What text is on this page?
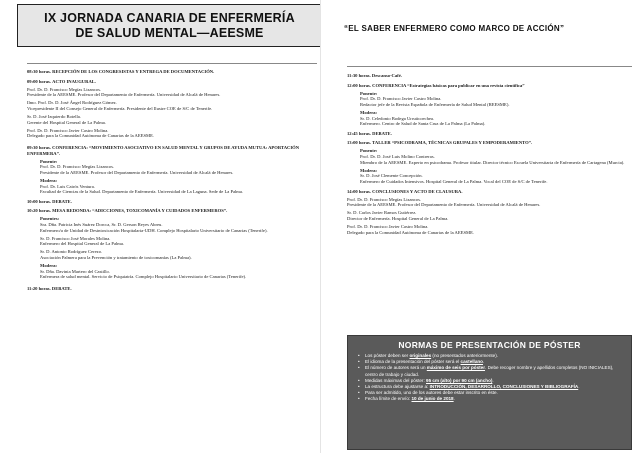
IX JORNADA CANARIA DE ENFERMERÍA
DE SALUD MENTAL—AEESME

08:30 horas. RECEPCIÓN DE LOS CONGRESISTAS Y ENTREGA DE DOCUMENTACIÓN.

09:00 horas. ACTO INAUGURAL.

Prof. Dr. D. Francisco Megías Lizancos.

Presidente de la AEESME. Profesor del Departamento de Enfermería. Universidad de Alcalá de Henares.

Ilmo. Prof. Dr. D. José Ángel Rodríguez Gómez.

Vicepresidente II del Consejo General de Enfermería. Presidente del Ilustre COE de S/C de Tenerife.

Sr. D. José Izquierdo Botella.

Gerente del Hospital General de La Palma.

Prof. Dr. D. Francisco Javier Castro Molina.

Delegado para la Comunidad Autónoma de Canarias de la AEESME.

09:30 horas. CONFERENCIA: “MOVIMIENTO ASOCIATIVO EN SALUD MENTAL Y GRUPOS DE AYUDA MUTUA: APORTACIÓN ENFERMERA”.

Ponente:

Prof. Dr. D. Francisco Megías Lizancos.

Presidente de la AEESME. Profesor del Departamento de Enfermería. Universidad de Alcalá de Henares.

Modera:

Prof. Dr. Luis Cairós Ventura.

Facultad de Ciencias de la Salud. Departamento de Enfermería. Universidad de La Laguna. Sede de La Palma.

10:00 horas. DEBATE.

10:20 horas. MESA REDONDA: “ADICCIONES, TOXICOMANÍA Y CUIDADOS ENFERMEROS”.

Ponentes:

Sra. Dña. Patricia Inés Suárez Dorcca, Sr. D. Gerson Reyes Abreu.

Enfermero/a de Unidad de Desintoxicación Hospitalaria-UDH. Complejo Hospitalario Universitario de Canarias (Tenerife).

Sr. D. Francisco José Morales Molina.

Enfermero del Hospital General de La Palma.

Sr. D. Antonio Rodríguez Cerezo.

Asociación Palmera para la Prevención y tratamiento de toxicomanías (La Palma).

Modera:

Sr. Dña. Davinia Martero del Castillo.

Enfermera de salud mental. Servicio de Psiquiatría. Complejo Hospitalario Universitario de Canarias (Tenerife).

11:20 horas. DEBATE.

11:30 horas. Descanso-Café.

12:00 horas. CONFERENCIA “Estrategias básicas para publicar en una revista científica”

Ponente:

Prof. Dr. D. Francisco Javier Castro Molina.

Redactor jefe de la Revista Española de Enfermería de Salud Mental (REESME).

Modera:

Sr. D. Celedonio Bodega Urruticoechea.

Enfermero. Centro de Salud de Santa Cruz de La Palma (La Palma).

12:45 horas. DEBATE.

13:00 horas. TALLER “PSICODRAMA, TÉCNICAS GRUPALES Y EMPODERAMIENTO”.

Ponente:

Prof. Dr. D. José Luis Molino Contreras.

Miembro de la AEESME. Experto en psicodrama. Profesor titular. Director técnico Escuela Universitaria de Enfermería de Cartagena (Murcia).

Modera:

Sr. D. José Clemente Concepción.

Enfermero de Cuidados Intensivos. Hospital General de La Palma. Vocal del COE de S/C de Tenerife.

14:00 horas. CONCLUSIONES Y ACTO DE CLAUSURA.

Prof. Dr. D. Francisco Megías Lizancos.

Presidente de la AEESME. Profesor del Departamento de Enfermería. Universidad de Alcalá de Henares.

Sr. D. Carlos Javier Ramos Gutiérrez.

Director de Enfermería. Hospital General de La Palma.

Prof. Dr. D. Francisco Javier Castro Molina.

Delegado para la Comunidad Autónoma de Canarias de la AEESME.

“EL SABER ENFERMERO COMO MARCO DE ACCIÓN”
NORMAS DE PRESENTACIÓN DE PÓSTER
• Los póster deben ser originales (no presentados anteriormente).
• El idioma de la presentación del póster será el castellano.
• El número de autores será un máximo de seis por póster. Debe recoger nombre y apellidos completos (NO INICIALES), centro de trabajo y ciudad.
• Medidas máximas del póster: 95 cm (alto) por 90 cm (ancho).
• La estructura debe ajustarse a: INTRODUCCIÓN, DESARROLLO, CONCLUSIONES Y BIBLIOGRAFÍA.
• Para ser admitido, uno de los autores debe estar inscrito en éste.
• Fecha límite de envío: 10 de junio de 2018.
